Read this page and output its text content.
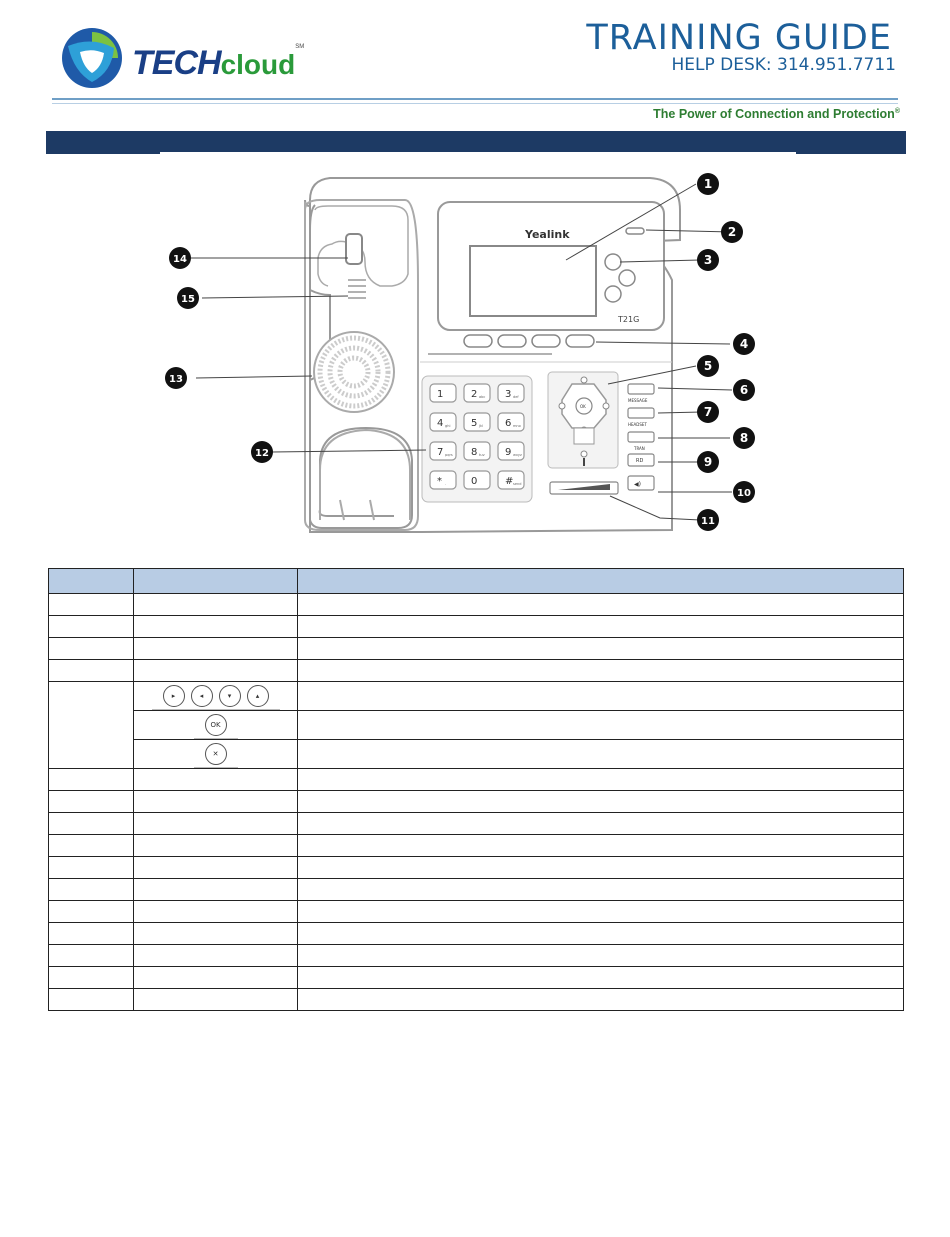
TECHcloud℠	TRAINING GUIDE
HELP DESK: 314.951.7711
The Power of Connection and Protection®
Yealink
T21G
1	2 abc 3 def
4 ghi 5 jkl 6 mno
7 pqrs 8 tuv 9 wxyz
* . 0	# send
OK
MESSAGE
HEADSET
TRAN
RD
◀)
1
2
3
4
5
6
7
8
9
10
11
12
13
14
15

	▸ ◂ ▾ ▴	
	OK	
	✕	
